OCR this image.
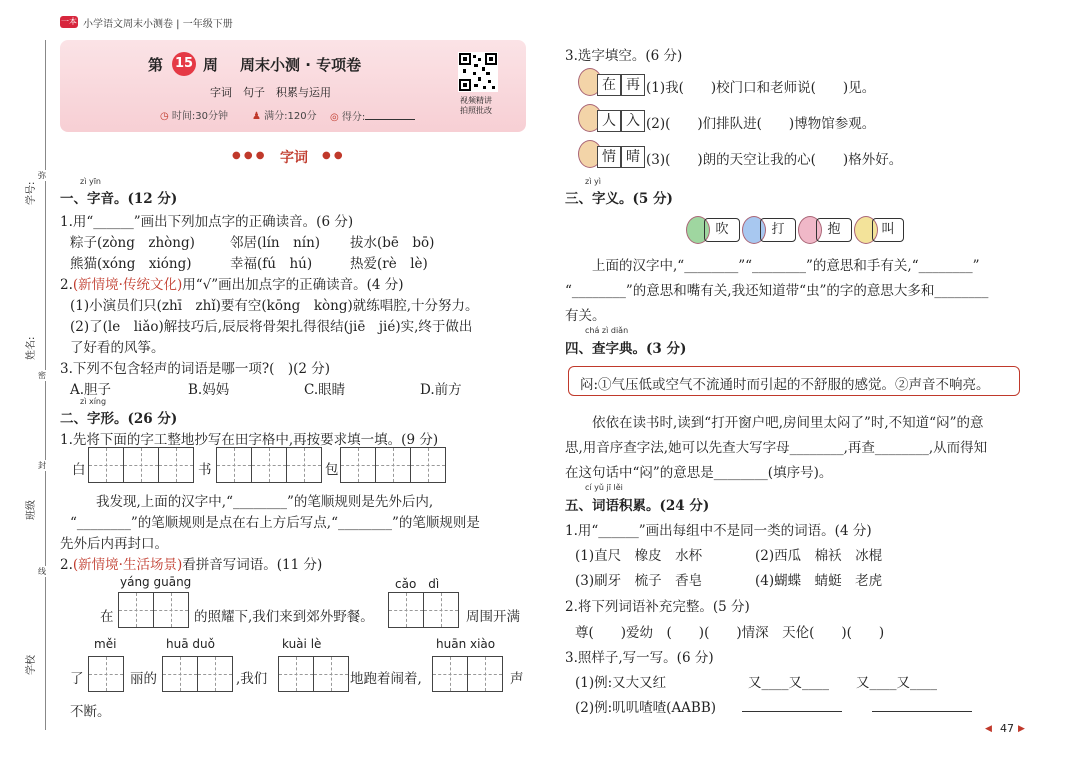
一本 小学语文周末小测卷 | 一年级下册
学号:
姓名:
班级
学校
弥
密
封
线
第 15 周 周末小测 · 专项卷
字词　句子　积累与运用
◷ 时间:30分钟 ♟ 满分:120分 ◎ 得分:
视频精讲
拍照批改
● ● ● 字词 ● ●
zì yīn
一、字音。(12 分)
1.用“______”画出下列加点字的正确读音。(6 分)
粽子(zòng　zhòng)	邻居(lín　nín) 拔水(bē　bō)
熊猫(xóng　xióng)	幸福(fú　hú)	热爱(rè　lè)
2.(新情境·传统文化)用“√”画出加点字的正确读音。(4 分)
(1)小演员们只(zhī　zhǐ)要有空(kōng　kòng)就练唱腔,十分努力。
(2)了(le　liǎo)解技巧后,辰辰将骨架扎得很结(jiē　jié)实,终于做出
了好看的风筝。
3.下列不包含轻声的词语是哪一项?(　)(2 分)
A.胆子	B.妈妈	C.眼睛	D.前方
zì xíng
二、字形。(26 分)
1.先将下面的字工整地抄写在田字格中,再按要求填一填。(9 分)
白	书	包
我发现,上面的汉字中,“________”的笔顺规则是先外后内,
“________”的笔顺规则是点在右上方后写点,“________”的笔顺规则是
先外后内再封口。
2.(新情境·生活场景)看拼音写词语。(11 分)
yáng guāng
在	的照耀下,我们来到郊外野餐。
cǎo　dì
周围开满
měi
了	丽的
huā duǒ
,我们
kuài lè
地跑着闹着,
huān xiào
声
不断。
3.选字填空。(6 分)
在 再 (1)我(　　)校门口和老师说(　　)见。
人 入 (2)(　　)们排队进(　　)博物馆参观。
情 晴 (3)(　　)朗的天空让我的心(　　)格外好。
zì yì
三、字义。(5 分)
吹	打	抱	叫
上面的汉字中,“________”“________”的意思和手有关,“________”
“________”的意思和嘴有关,我还知道带“虫”的字的意思大多和________
有关。
chá zì diǎn
四、查字典。(3 分)
闷:①气压低或空气不流通时而引起的不舒服的感觉。②声音不响亮。
依依在读书时,读到“打开窗户吧,房间里太闷了”时,不知道“闷”的意
思,用音序查字法,她可以先查大写字母________,再查________,从而得知
在这句话中“闷”的意思是________(填序号)。
cí yǔ jī lěi
五、词语积累。(24 分)
1.用“______”画出每组中不是同一类的词语。(4 分)
(1)直尺　橡皮　水杯	(2)西瓜　棉袄　冰棍
(3)刷牙　梳子　香皂	(4)蝴蝶　蜻蜓　老虎
2.将下列词语补充完整。(5 分)
尊(　　)爱幼　(　　)(　　)情深　天伦(　　)(　　)
3.照样子,写一写。(6 分)
(1)例:又大又红	又____又____　　又____又____
(2)例:叽叽喳喳(AABB)
◀ 47 ▶
